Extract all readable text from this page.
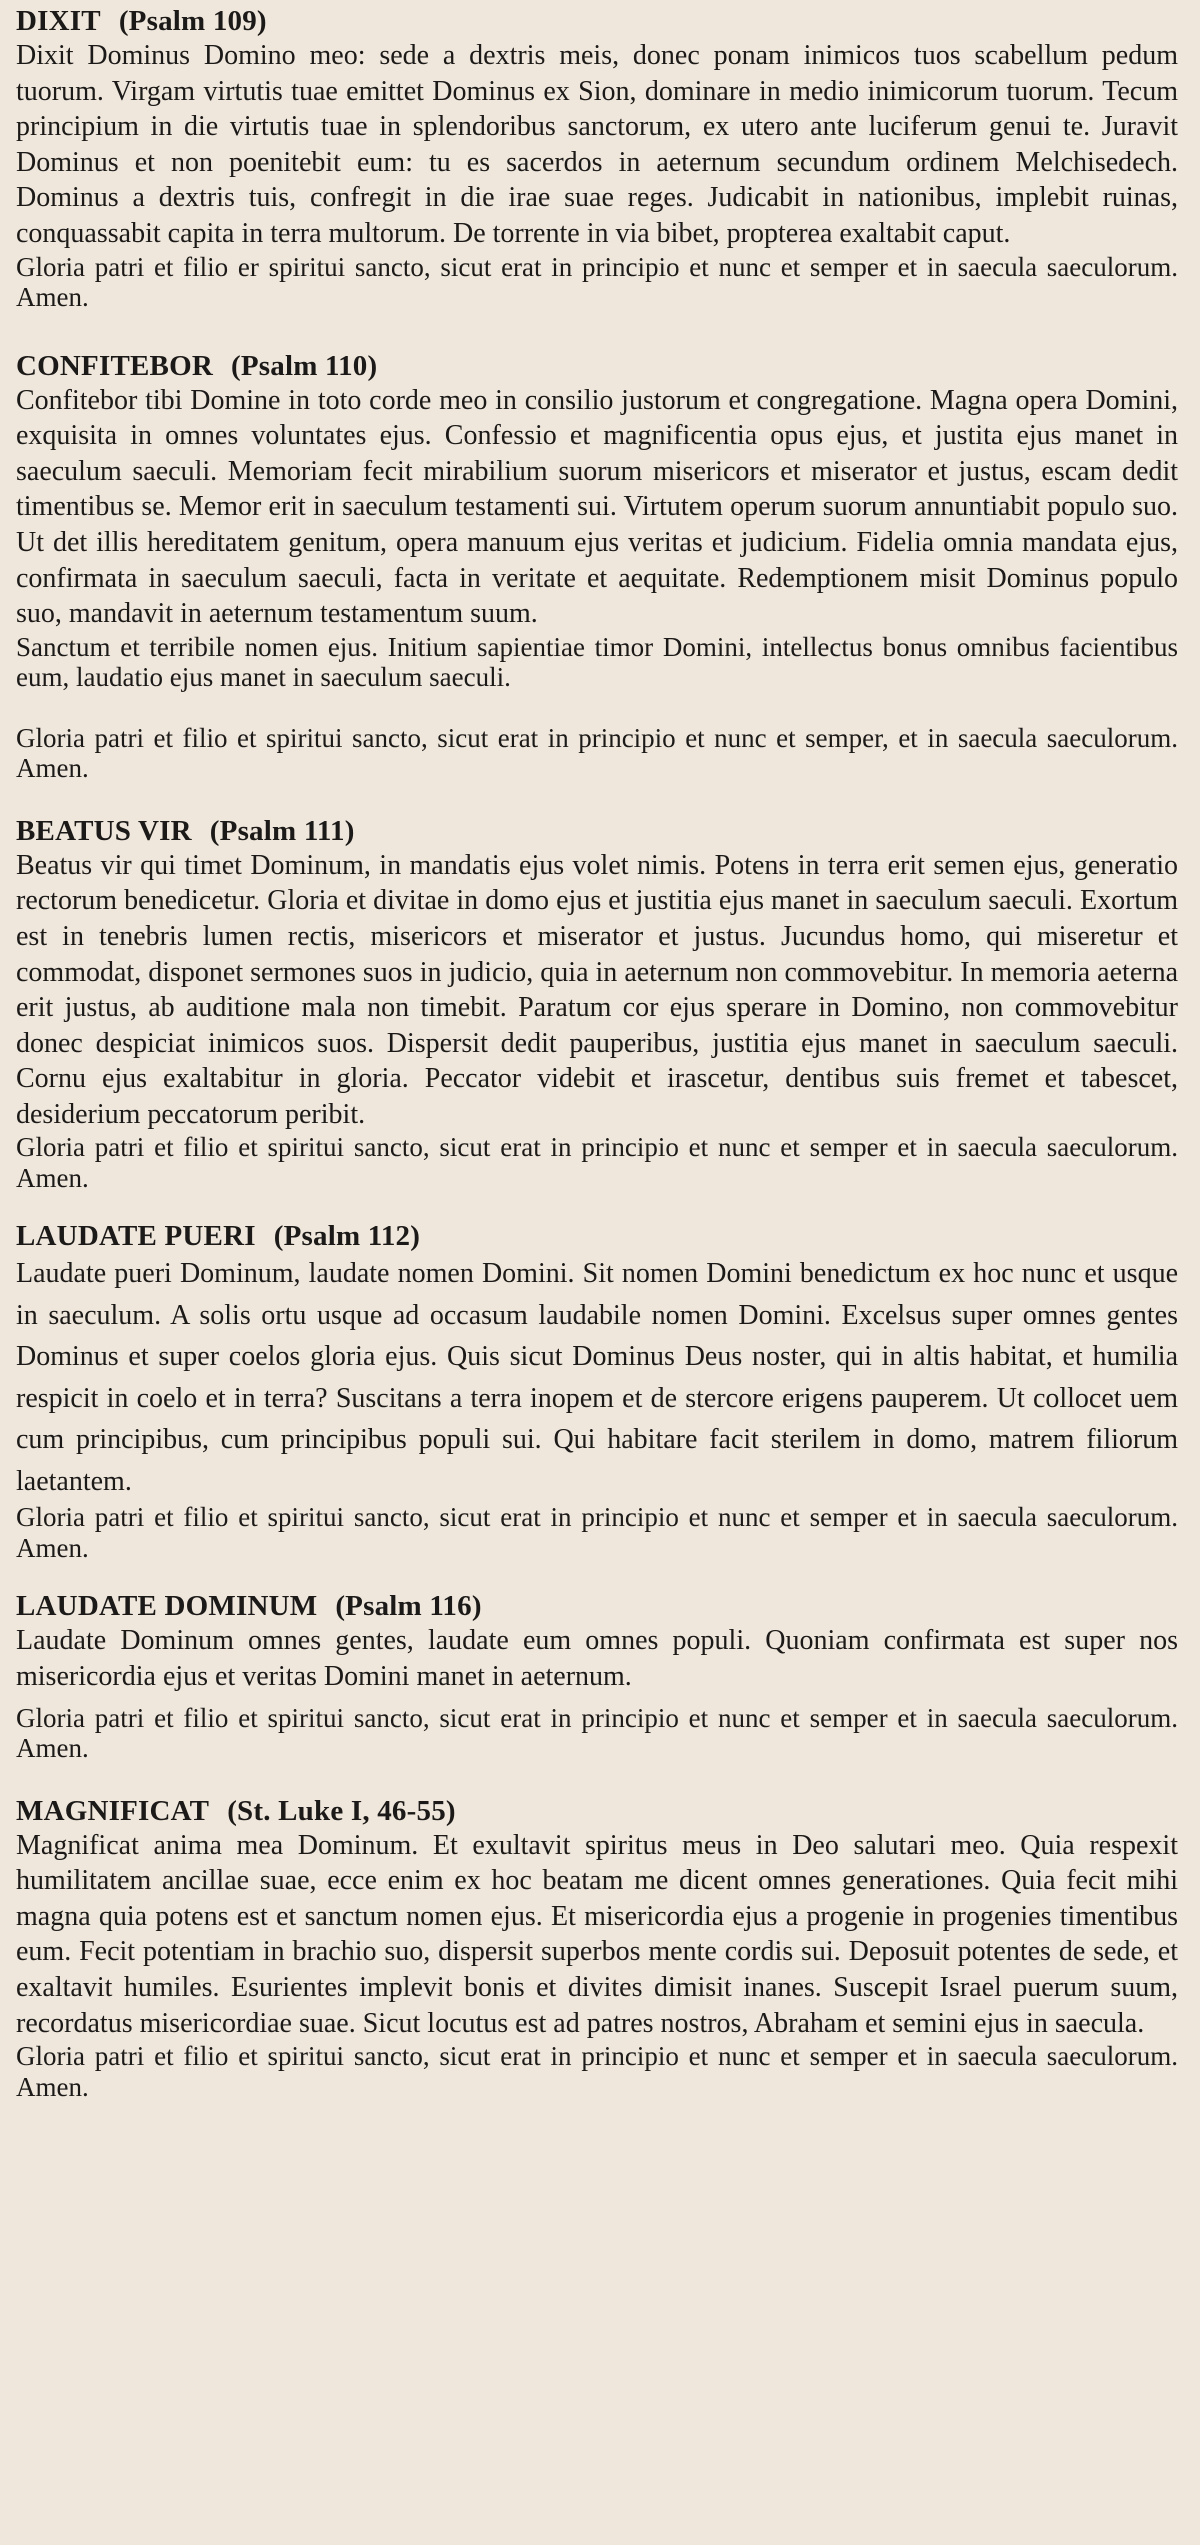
DIXIT (Psalm 109)

Dixit Dominus Domino meo: sede a dextris meis, donec ponam inimicos tuos scabellum pedum tuorum. Virgam virtutis tuae emittet Dominus ex Sion, dominare in medio inimicorum tuorum. Tecum principium in die virtutis tuae in splendoribus sanctorum, ex utero ante luciferum genui te. Juravit Dominus et non poenitebit eum: tu es sacerdos in aeternum secundum ordinem Melchisedech. Dominus a dextris tuis, confregit in die irae suae reges. Judicabit in nationibus, implebit ruinas, conquassabit capita in terra multorum. De torrente in via bibet, propterea exaltabit caput.

Gloria patri et filio er spiritui sancto, sicut erat in principio et nunc et semper et in saecula saeculorum. Amen.

CONFITEBOR (Psalm 110)

Confitebor tibi Domine in toto corde meo in consilio justorum et congregatione. Magna opera Domini, exquisita in omnes voluntates ejus. Confessio et magnificentia opus ejus, et justita ejus manet in saeculum saeculi. Memoriam fecit mirabilium suorum misericors et miserator et justus, escam dedit timentibus se. Memor erit in saeculum testamenti sui. Virtutem operum suorum annuntiabit populo suo. Ut det illis hereditatem genitum, opera manuum ejus veritas et judicium. Fidelia omnia mandata ejus, confirmata in saeculum saeculi, facta in veritate et aequitate. Redemptionem misit Dominus populo suo, mandavit in aeternum testamentum suum.

Sanctum et terribile nomen ejus. Initium sapientiae timor Domini, intellectus bonus omnibus facientibus eum, laudatio ejus manet in saeculum saeculi.

Gloria patri et filio et spiritui sancto, sicut erat in principio et nunc et semper, et in saecula saeculorum. Amen.

BEATUS VIR (Psalm 111)

Beatus vir qui timet Dominum, in mandatis ejus volet nimis. Potens in terra erit semen ejus, generatio rectorum benedicetur. Gloria et divitae in domo ejus et justitia ejus manet in saeculum saeculi. Exortum est in tenebris lumen rectis, misericors et miserator et justus. Jucundus homo, qui miseretur et commodat, disponet sermones suos in judicio, quia in aeternum non commovebitur. In memoria aeterna erit justus, ab auditione mala non timebit. Paratum cor ejus sperare in Domino, non commovebitur donec despiciat inimicos suos. Dispersit dedit pauperibus, justitia ejus manet in saeculum saeculi. Cornu ejus exaltabitur in gloria. Peccator videbit et irascetur, dentibus suis fremet et tabescet, desiderium peccatorum peribit.

Gloria patri et filio et spiritui sancto, sicut erat in principio et nunc et semper et in saecula saeculorum. Amen.

LAUDATE PUERI (Psalm 112)

Laudate pueri Dominum, laudate nomen Domini. Sit nomen Domini benedictum ex hoc nunc et usque in saeculum. A solis ortu usque ad occasum laudabile nomen Domini. Excelsus super omnes gentes Dominus et super coelos gloria ejus. Quis sicut Dominus Deus noster, qui in altis habitat, et humilia respicit in coelo et in terra? Suscitans a terra inopem et de stercore erigens pauperem. Ut collocet uem cum principibus, cum principibus populi sui. Qui habitare facit sterilem in domo, matrem filiorum laetantem.

Gloria patri et filio et spiritui sancto, sicut erat in principio et nunc et semper et in saecula saeculorum. Amen.

LAUDATE DOMINUM (Psalm 116)

Laudate Dominum omnes gentes, laudate eum omnes populi. Quoniam confirmata est super nos misericordia ejus et veritas Domini manet in aeternum.

Gloria patri et filio et spiritui sancto, sicut erat in principio et nunc et semper et in saecula saeculorum. Amen.

MAGNIFICAT (St. Luke I, 46-55)

Magnificat anima mea Dominum. Et exultavit spiritus meus in Deo salutari meo. Quia respexit humilitatem ancillae suae, ecce enim ex hoc beatam me dicent omnes generationes. Quia fecit mihi magna quia potens est et sanctum nomen ejus. Et misericordia ejus a progenie in progenies timentibus eum. Fecit potentiam in brachio suo, dispersit superbos mente cordis sui. Deposuit potentes de sede, et exaltavit humiles. Esurientes implevit bonis et divites dimisit inanes. Suscepit Israel puerum suum, recordatus misericordiae suae. Sicut locutus est ad patres nostros, Abraham et semini ejus in saecula.

Gloria patri et filio et spiritui sancto, sicut erat in principio et nunc et semper et in saecula saeculorum. Amen.
